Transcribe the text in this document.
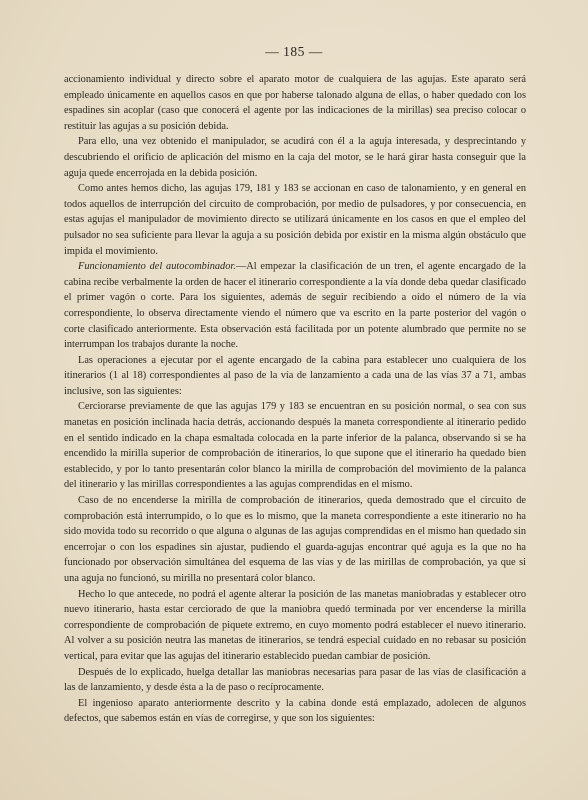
— 185 —

accionamiento individual y directo sobre el aparato motor de cualquiera de las agujas. Este aparato será empleado únicamente en aquellos casos en que por haberse talonado alguna de ellas, o haber quedado con los espadines sin acoplar (caso que conocerá el agente por las indicaciones de la mirillas) sea preciso colocar o restituir las agujas a su posición debida.

Para ello, una vez obtenido el manipulador, se acudirá con él a la aguja interesada, y desprecintando y descubriendo el orificio de aplicación del mismo en la caja del motor, se le hará girar hasta conseguir que la aguja quede encerrojada en la debida posición.

Como antes hemos dicho, las agujas 179, 181 y 183 se accionan en caso de talonamiento, y en general en todos aquellos de interrupción del circuito de comprobación, por medio de pulsadores, y por consecuencia, en estas agujas el manipulador de movimiento directo se utilizará únicamente en los casos en que el empleo del pulsador no sea suficiente para llevar la aguja a su posición debida por existir en la misma algún obstáculo que impida el movimiento.

Funcionamiento del autocombinador.—Al empezar la clasificación de un tren, el agente encargado de la cabina recibe verbalmente la orden de hacer el itinerario correspondiente a la vía donde deba quedar clasificado el primer vagón o corte. Para los siguientes, además de seguir recibiendo a oído el número de la vía correspondiente, lo observa directamente viendo el número que va escrito en la parte posterior del vagón o corte clasificado anteriormente. Esta observación está facilitada por un potente alumbrado que permite no se interrumpan los trabajos durante la noche.

Las operaciones a ejecutar por el agente encargado de la cabina para establecer uno cualquiera de los itinerarios (1 al 18) correspondientes al paso de la vía de lanzamiento a cada una de las vías 37 a 71, ambas inclusive, son las siguientes:

Cerciorarse previamente de que las agujas 179 y 183 se encuentran en su posición normal, o sea con sus manetas en posición inclinada hacia detrás, accionando después la maneta correspondiente al itinerario pedido en el sentido indicado en la chapa esmaltada colocada en la parte inferior de la palanca, observando si se ha encendido la mirilla superior de comprobación de itinerarios, lo que supone que el itinerario ha quedado bien establecido, y por lo tanto presentarán color blanco la mirilla de comprobación del movimiento de la palanca del itinerario y las mirillas correspondientes a las agujas comprendidas en el mismo.

Caso de no encenderse la mirilla de comprobación de itinerarios, queda demostrado que el circuito de comprobación está interrumpido, o lo que es lo mismo, que la maneta correspondiente a este itinerario no ha sido movida todo su recorrido o que alguna o algunas de las agujas comprendidas en el mismo han quedado sin encerrojar o con los espadines sin ajustar, pudiendo el guarda-agujas encontrar qué aguja es la que no ha funcionado por observación simultánea del esquema de las vías y de las mirillas de comprobación, ya que si una aguja no funcionó, su mirilla no presentará color blanco.

Hecho lo que antecede, no podrá el agente alterar la posición de las manetas maniobradas y establecer otro nuevo itinerario, hasta estar cerciorado de que la maniobra quedó terminada por ver encenderse la mirilla correspondiente de comprobación de piquete extremo, en cuyo momento podrá establecer el nuevo itinerario. Al volver a su posición neutra las manetas de itinerarios, se tendrá especial cuidado en no rebasar su posición vertical, para evitar que las agujas del itinerario establecido puedan cambiar de posición.

Después de lo explicado, huelga detallar las maniobras necesarias para pasar de las vías de clasificación a las de lanzamiento, y desde ésta a la de paso o recíprocamente.

El ingenioso aparato anteriormente descrito y la cabina donde está emplazado, adolecen de algunos defectos, que sabemos están en vías de corregirse, y que son los siguientes:
